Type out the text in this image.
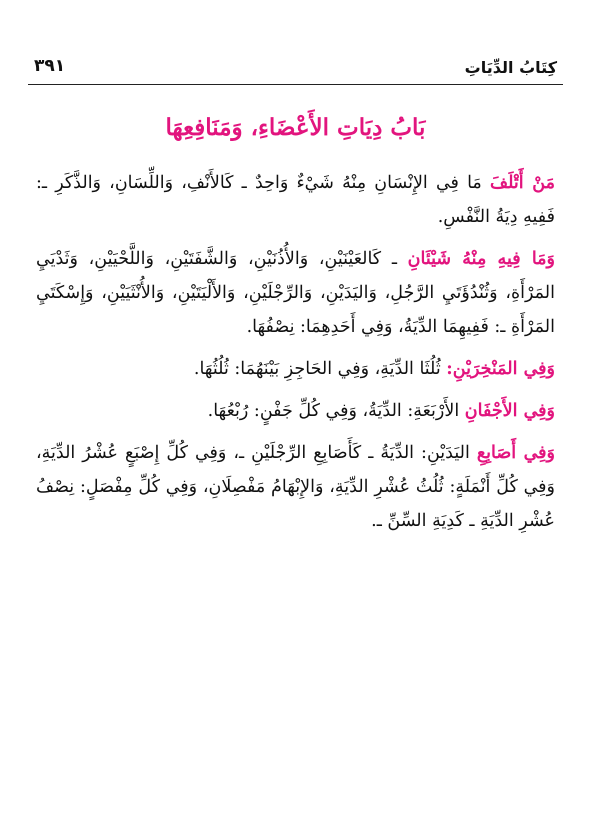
كِتَابُ الدِّيَاتِ
٣٩١
بَابُ دِيَاتِ الأَعْضَاءِ، وَمَنَافِعِهَا

مَنْ أَتْلَفَ مَا فِي الإِنْسَانِ مِنْهُ شَيْءٌ وَاحِدٌ ـ كَالأَنْفِ، وَاللِّسَانِ، وَالذَّكَرِ ـ: فَفِيهِ دِيَةُ النَّفْسِ.

وَمَا فِيهِ مِنْهُ شَيْئَانِ ـ كَالعَيْنَيْنِ، وَالأُذُنَيْنِ، وَالشَّفَتَيْنِ، وَاللَّحْيَيْنِ، وَثَدْيَيِ المَرْأَةِ، وَثُنْدُؤَتَيِ الرَّجُلِ، وَاليَدَيْنِ، وَالرِّجْلَيْنِ، وَالأَلْيَتَيْنِ، وَالأُنْثَيَيْنِ، وَإِسْكَتَيِ المَرْأَةِ ـ: فَفِيهِمَا الدِّيَةُ، وَفِي أَحَدِهِمَا: نِصْفُهَا.

وَفِي المَنْخِرَيْنِ: ثُلُثَا الدِّيَةِ، وَفِي الحَاجِزِ بَيْنَهُمَا: ثُلُثُهَا.

وَفِي الأَجْفَانِ الأَرْبَعَةِ: الدِّيَةُ، وَفِي كُلِّ جَفْنٍ: رُبْعُهَا.

وَفِي أَصَابِعِ اليَدَيْنِ: الدِّيَةُ ـ كَأَصَابِعِ الرِّجْلَيْنِ ـ، وَفِي كُلِّ إِصْبَعٍ عُشْرُ الدِّيَةِ، وَفِي كُلِّ أَنْمَلَةٍ: ثُلُثُ عُشْرِ الدِّيَةِ، وَالإِبْهَامُ مَفْصِلَانِ، وَفِي كُلِّ مِفْصَلٍ: نِصْفُ عُشْرِ الدِّيَةِ ـ كَدِيَةِ السِّنِّ ـ.
